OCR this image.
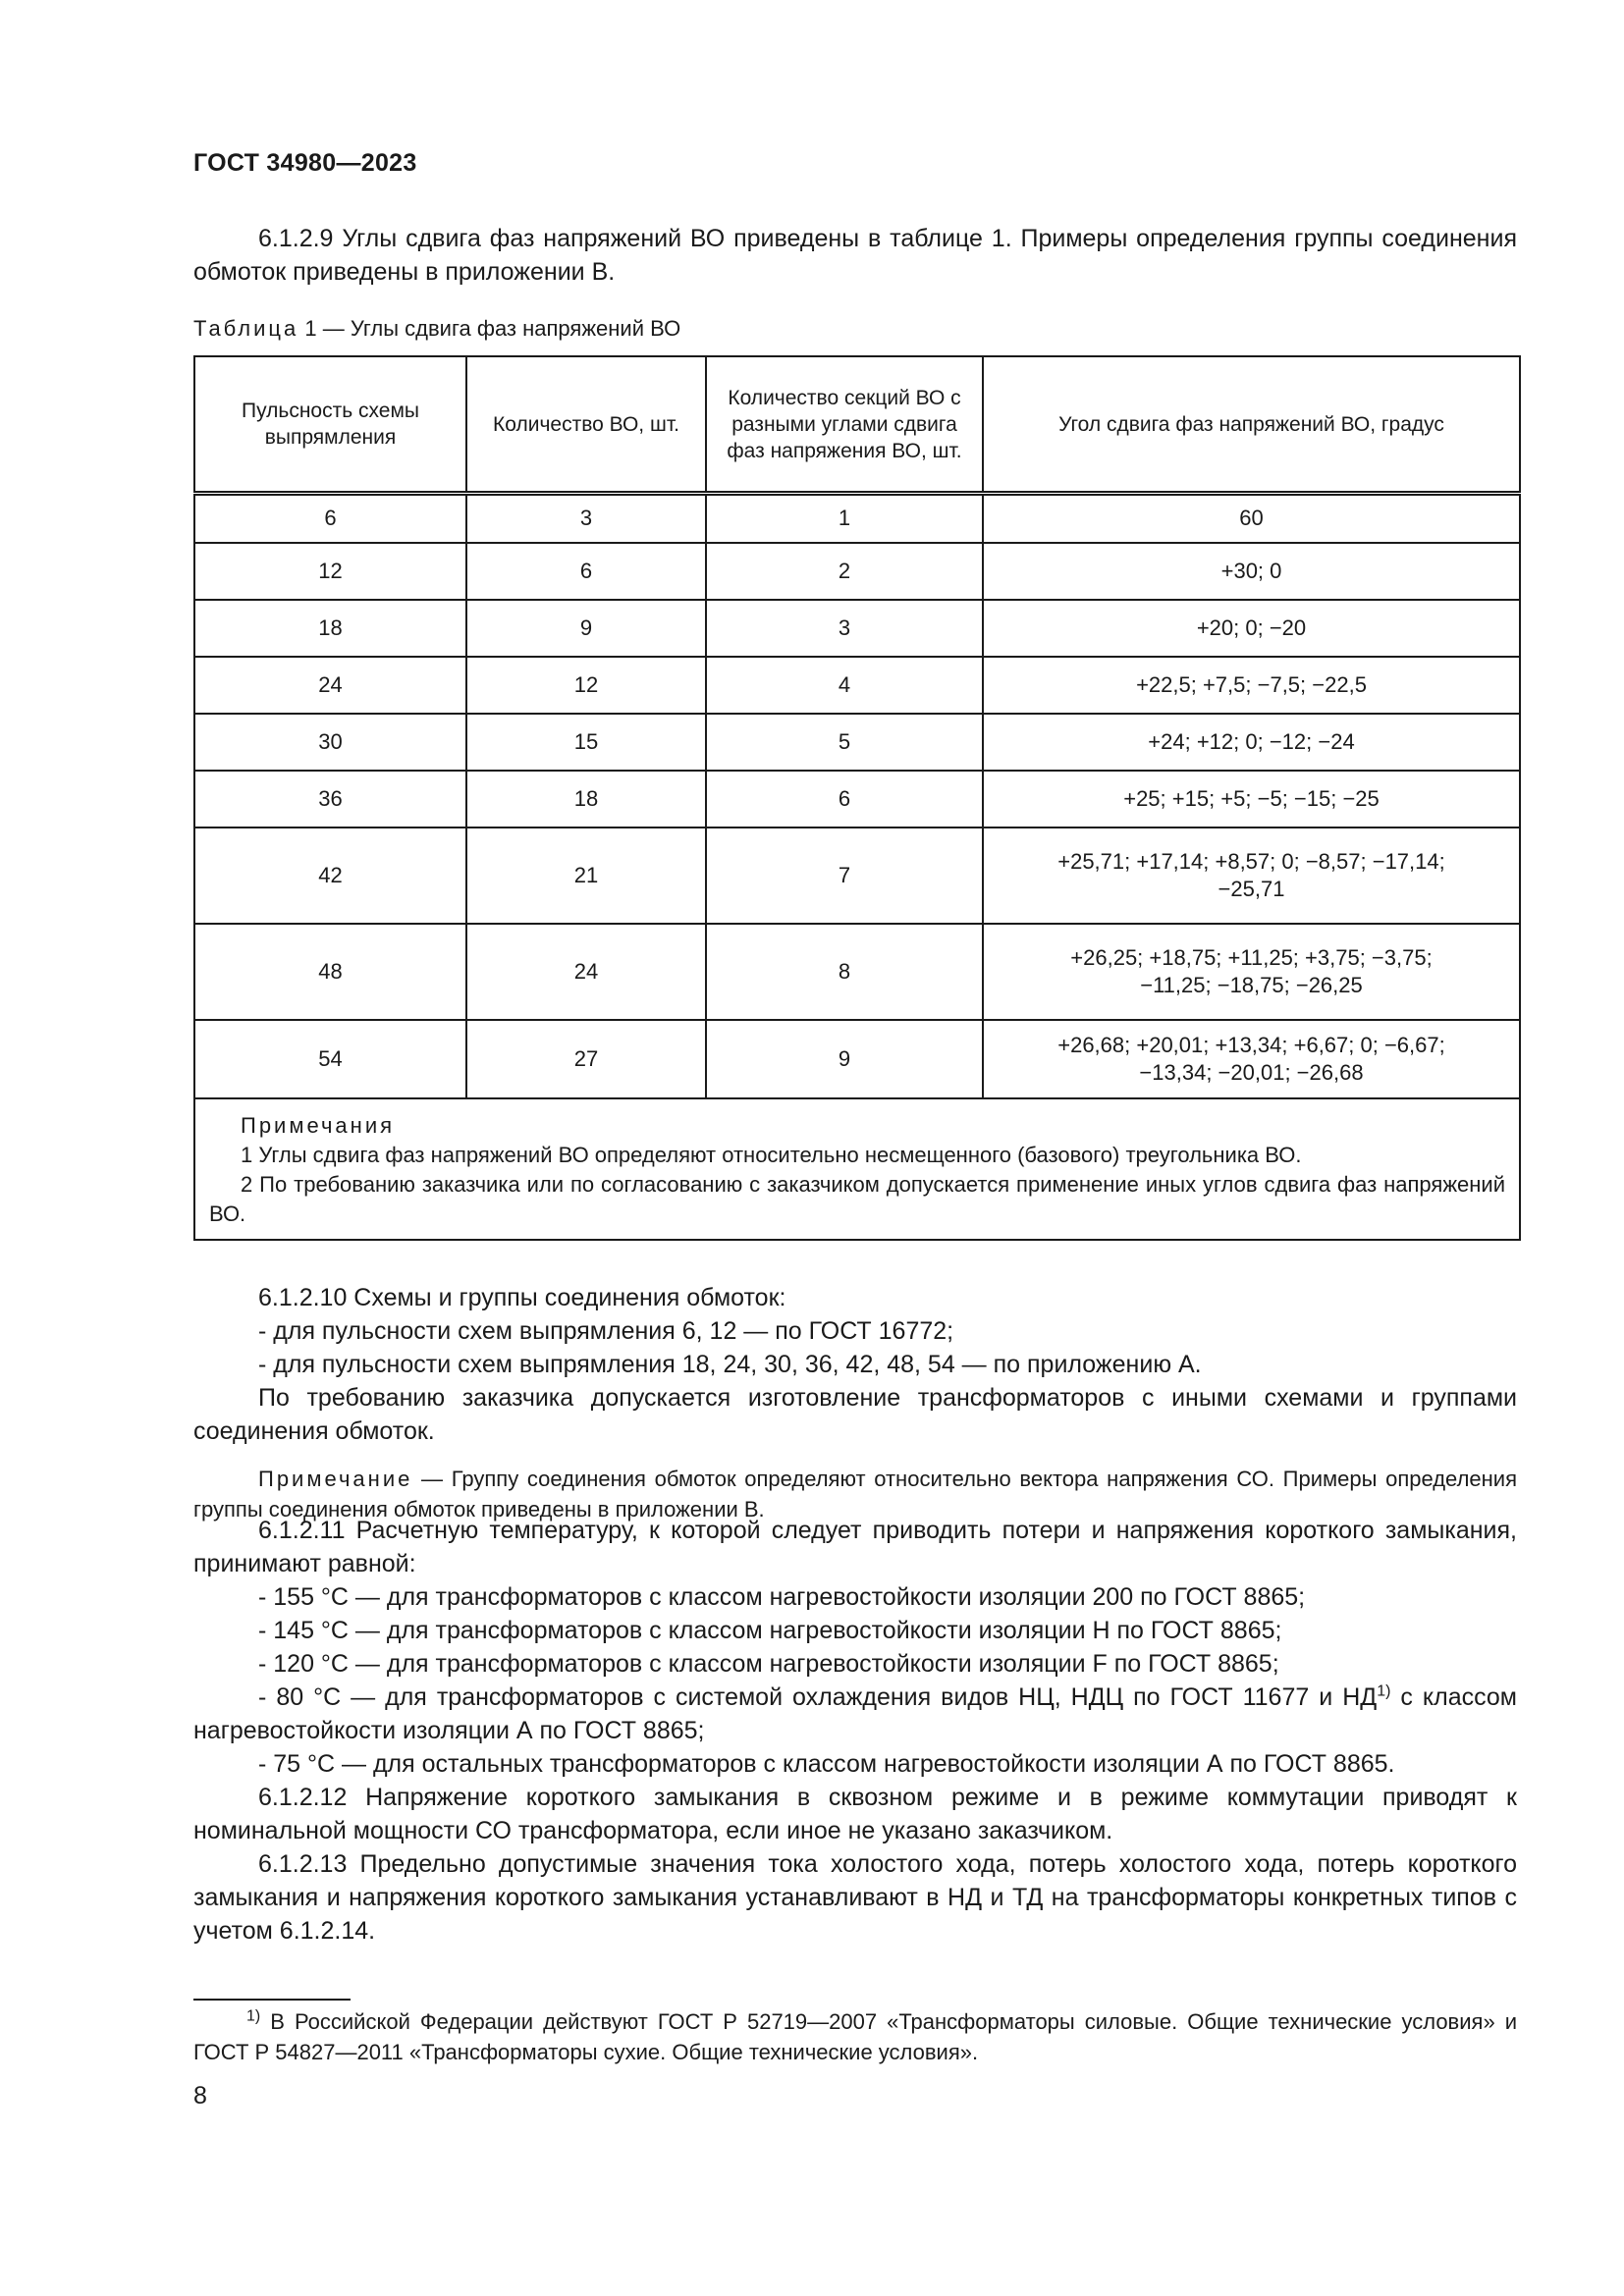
ГОСТ 34980—2023

6.1.2.9 Углы сдвига фаз напряжений ВО приведены в таблице 1. Примеры определения группы соединения обмоток приведены в приложении В.

Таблица 1 — Углы сдвига фаз напряжений ВО
Пульсность схемы выпрямления	Количество ВО, шт.	Количество секций ВО с разными углами сдвига фаз напряжения ВО, шт.	Угол сдвига фаз напряжений ВО, градус
6	3	1	60
12	6	2	+30; 0
18	9	3	+20; 0; −20
24	12	4	+22,5; +7,5; −7,5; −22,5
30	15	5	+24; +12; 0; −12; −24
36	18	6	+25; +15; +5; −5; −15; −25
42	21	7	+25,71; +17,14; +8,57; 0; −8,57; −17,14; −25,71
48	24	8	+26,25; +18,75; +11,25; +3,75; −3,75; −11,25; −18,75; −26,25
54	27	9	+26,68; +20,01; +13,34; +6,67; 0; −6,67; −13,34; −20,01; −26,68

Примечания
1 Углы сдвига фаз напряжений ВО определяют относительно несмещенного (базового) треугольника ВО.
2 По требованию заказчика или по согласованию с заказчиком допускается применение иных углов сдвига фаз напряжений ВО.			

6.1.2.10 Схемы и группы соединения обмоток:

- для пульсности схем выпрямления 6, 12 — по ГОСТ 16772;

- для пульсности схем выпрямления 18, 24, 30, 36, 42, 48, 54 — по приложению А.

По требованию заказчика допускается изготовление трансформаторов с иными схемами и группами соединения обмоток.

Примечание — Группу соединения обмоток определяют относительно вектора напряжения СО. Примеры определения группы соединения обмоток приведены в приложении В.

6.1.2.11 Расчетную температуру, к которой следует приводить потери и напряжения короткого замыкания, принимают равной:

- 155 °С — для трансформаторов с классом нагревостойкости изоляции 200 по ГОСТ 8865;

- 145 °С — для трансформаторов с классом нагревостойкости изоляции Н по ГОСТ 8865;

- 120 °С — для трансформаторов с классом нагревостойкости изоляции F по ГОСТ 8865;

- 80 °С — для трансформаторов с системой охлаждения видов НЦ, НДЦ по ГОСТ 11677 и НД$^{1)}$ с классом нагревостойкости изоляции А по ГОСТ 8865;

- 75 °С — для остальных трансформаторов с классом нагревостойкости изоляции А по ГОСТ 8865.

6.1.2.12 Напряжение короткого замыкания в сквозном режиме и в режиме коммутации приводят к номинальной мощности СО трансформатора, если иное не указано заказчиком.

6.1.2.13 Предельно допустимые значения тока холостого хода, потерь холостого хода, потерь короткого замыкания и напряжения короткого замыкания устанавливают в НД и ТД на трансформаторы конкретных типов с учетом 6.1.2.14.

$^{1)}$ В Российской Федерации действуют ГОСТ Р 52719—2007 «Трансформаторы силовые. Общие технические условия» и ГОСТ Р 54827—2011 «Трансформаторы сухие. Общие технические условия».
8
